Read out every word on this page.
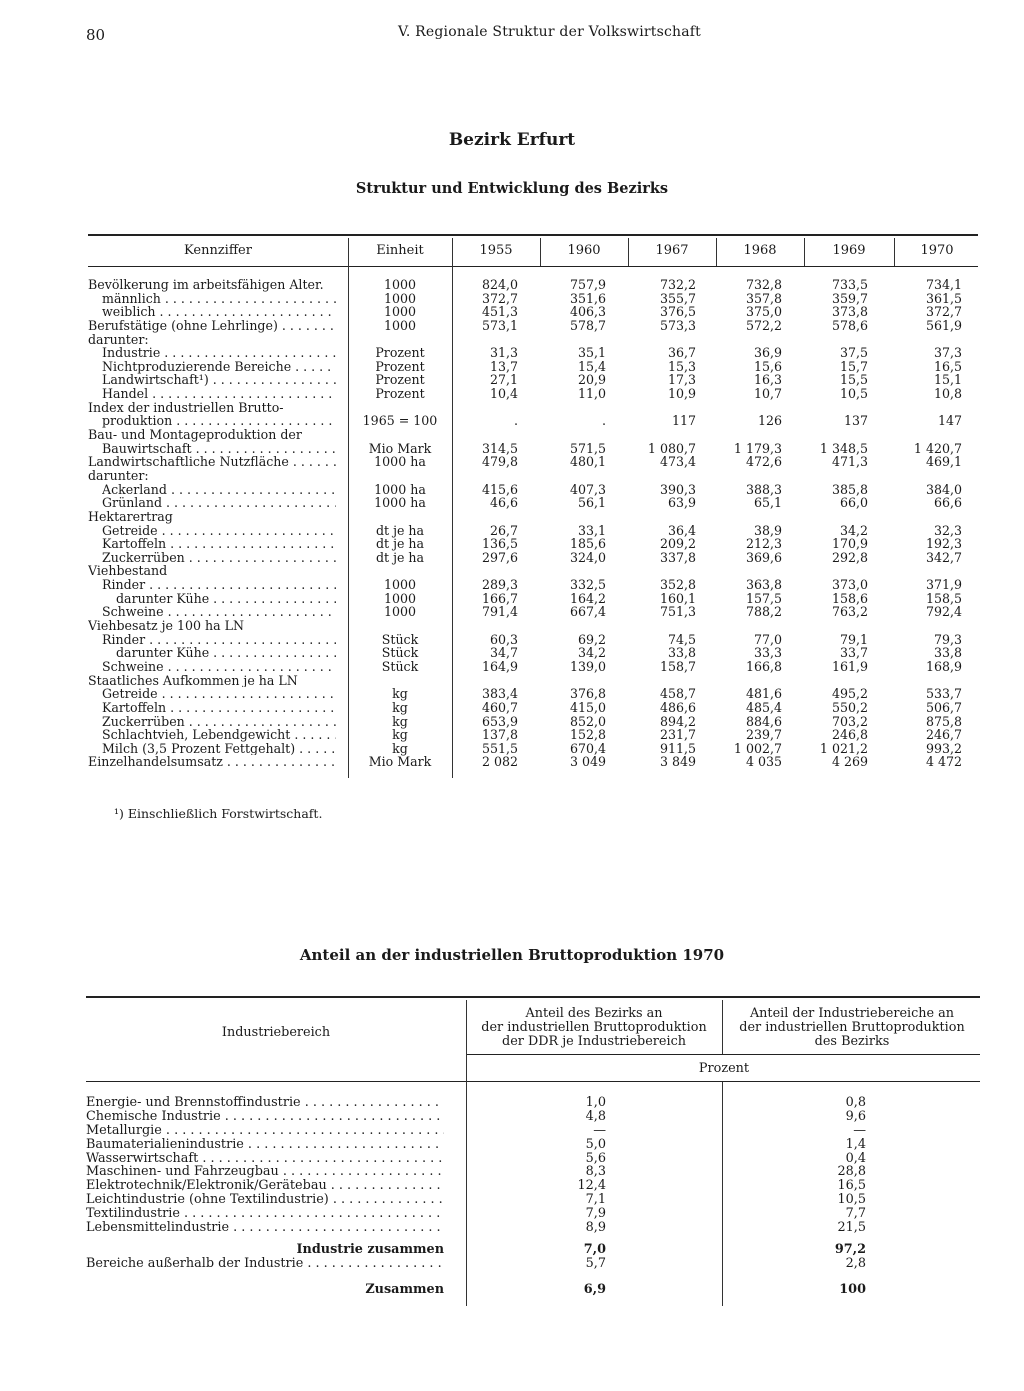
80	V. Regionale Struktur der Volkswirtschaft
Bezirk Erfurt
Struktur und Entwicklung des Bezirks
Kennziffer	Einheit	1955	1960	1967	1968	1969	1970
Bevölkerung im arbeitsfähigen Alter.	1000	824,0	757,9	732,2	732,8	733,5	734,1
männlich . . .	1000	372,7	351,6	355,7	357,8	359,7	361,5
weiblich . . .	1000	451,3	406,3	376,5	375,0	373,8	372,7
Berufstätige (ohne Lehrlinge) . . .	1000	573,1	578,7	573,3	572,2	578,6	561,9
darunter:
Industrie . . .	Prozent	31,3	35,1	36,7	36,9	37,5	37,3
Nichtproduzierende Bereiche . . .	Prozent	13,7	15,4	15,3	15,6	15,7	16,5
Landwirtschaft¹) . . .	Prozent	27,1	20,9	17,3	16,3	15,5	15,1
Handel . . .	Prozent	10,4	11,0	10,9	10,7	10,5	10,8
Index der industriellen Brutto-
produktion . . .	1965 = 100	.	.	117	126	137	147
Bau- und Montageproduktion der
Bauwirtschaft . . .	Mio Mark	314,5	571,5	1 080,7	1 179,3	1 348,5	1 420,7
Landwirtschaftliche Nutzfläche . . .	1000 ha	479,8	480,1	473,4	472,6	471,3	469,1
darunter:
Ackerland . . .	1000 ha	415,6	407,3	390,3	388,3	385,8	384,0
Grünland . . .	1000 ha	46,6	56,1	63,9	65,1	66,0	66,6
Hektarertrag
Getreide . . .	dt je ha	26,7	33,1	36,4	38,9	34,2	32,3
Kartoffeln . . .	dt je ha	136,5	185,6	209,2	212,3	170,9	192,3
Zuckerrüben . . .	dt je ha	297,6	324,0	337,8	369,6	292,8	342,7
Viehbestand
Rinder . . .	1000	289,3	332,5	352,8	363,8	373,0	371,9
darunter Kühe . . .	1000	166,7	164,2	160,1	157,5	158,6	158,5
Schweine . . .	1000	791,4	667,4	751,3	788,2	763,2	792,4
Viehbesatz je 100 ha LN
Rinder . . .	Stück	60,3	69,2	74,5	77,0	79,1	79,3
darunter Kühe . . .	Stück	34,7	34,2	33,8	33,3	33,7	33,8
Schweine . . .	Stück	164,9	139,0	158,7	166,8	161,9	168,9
Staatliches Aufkommen je ha LN
Getreide . . .	kg	383,4	376,8	458,7	481,6	495,2	533,7
Kartoffeln . . .	kg	460,7	415,0	486,6	485,4	550,2	506,7
Zuckerrüben . . .	kg	653,9	852,0	894,2	884,6	703,2	875,8
Schlachtvieh, Lebendgewicht . . .	kg	137,8	152,8	231,7	239,7	246,8	246,7
Milch (3,5 Prozent Fettgehalt) . . .	kg	551,5	670,4	911,5	1 002,7	1 021,2	993,2
Einzelhandelsumsatz . . .	Mio Mark	2 082	3 049	3 849	4 035	4 269	4 472
¹) Einschließlich Forstwirtschaft.
Anteil an der industriellen Bruttoproduktion 1970
Industriebereich
Anteil des Bezirks an
der industriellen Bruttoproduktion
der DDR je Industriebereich
Anteil der Industriebereiche an
der industriellen Bruttoproduktion
des Bezirks
Prozent
Energie- und Brennstoffindustrie . . .	1,0	0,8
Chemische Industrie . . .	4,8	9,6
Metallurgie . . .	—	—
Baumaterialienindustrie . . .	5,0	1,4
Wasserwirtschaft . . .	5,6	0,4
Maschinen- und Fahrzeugbau . . .	8,3	28,8
Elektrotechnik/Elektronik/Gerätebau . . .	12,4	16,5
Leichtindustrie (ohne Textilindustrie) . . .	7,1	10,5
Textilindustrie . . .	7,9	7,7
Lebensmittelindustrie . . .	8,9	21,5
Industrie zusammen	7,0	97,2
Bereiche außerhalb der Industrie . . .	5,7	2,8
Zusammen	6,9	100
